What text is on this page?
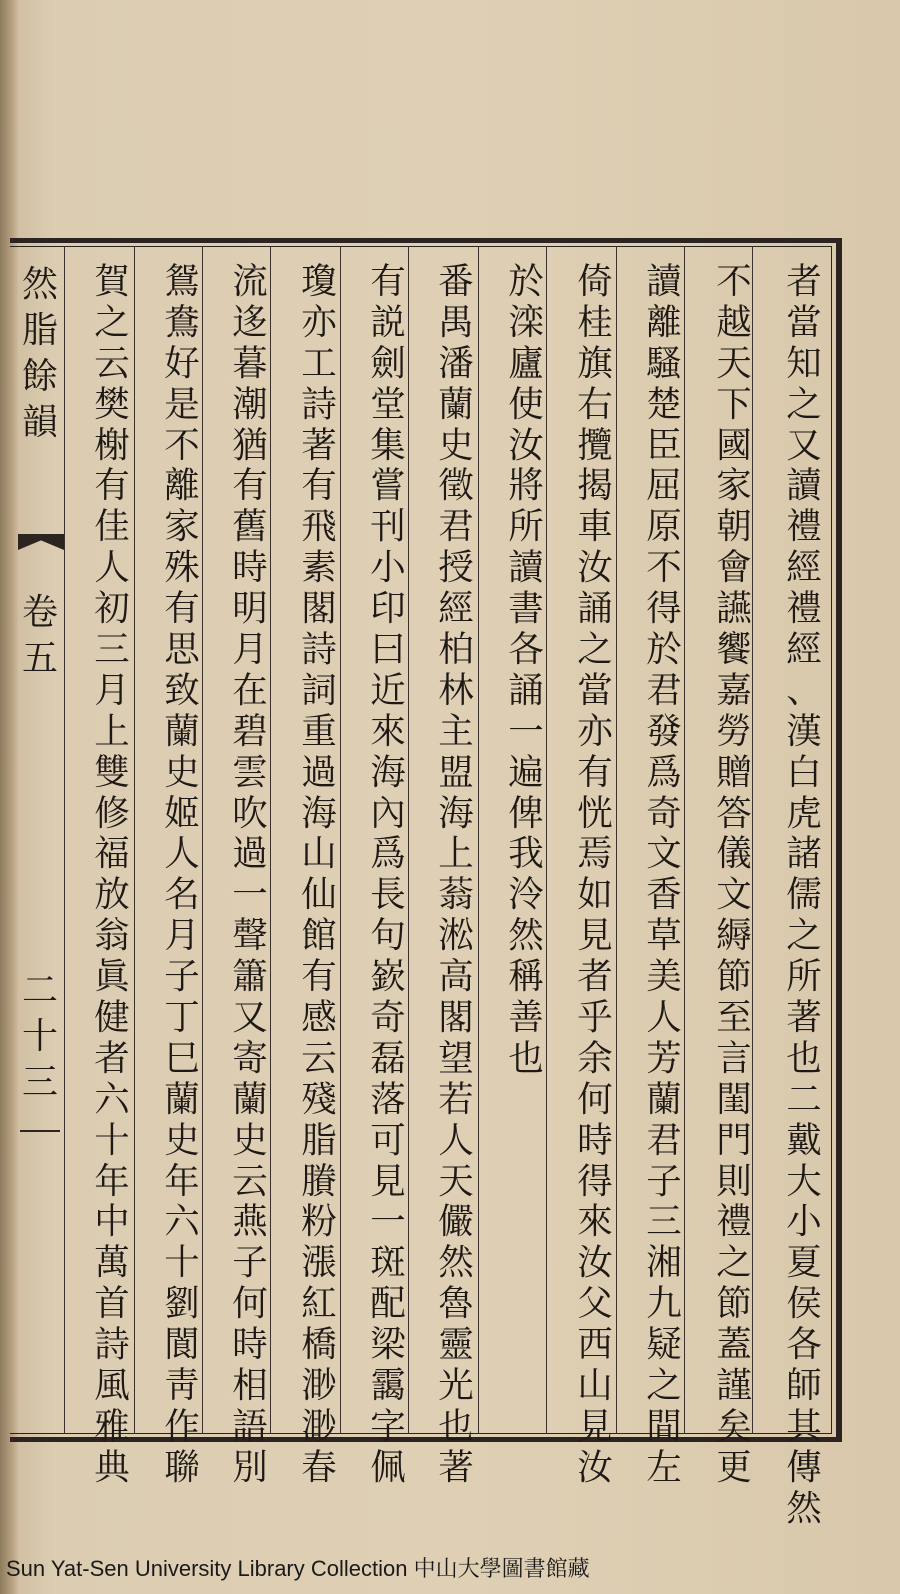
然
脂
餘
韻
卷
五
二
十
三
者
當
知
之
又
讀
禮
經
禮
經
、
漢
白
虎
諸
儒
之
所
著
也
二
戴
大
小
夏
侯
各
師
其
傳
然
不
越
天
下
國
家
朝
會
讌
饗
嘉
勞
贈
答
儀
文
縟
節
至
言
閨
門
則
禮
之
節
蓋
謹
矣
更
讀
離
騷
楚
臣
屈
原
不
得
於
君
發
爲
奇
文
香
草
美
人
芳
蘭
君
子
三
湘
九
疑
之
間
左
倚
桂
旗
右
攬
揭
車
汝
誦
之
當
亦
有
恍
焉
如
見
者
乎
余
何
時
得
來
汝
父
西
山
見
汝
於
滦
廬
使
汝
將
所
讀
書
各
誦
一
遍
俾
我
泠
然
稱
善
也
番
禺
潘
蘭
史
徵
君
授
經
柏
林
主
盟
海
上
蓊
淞
高
閣
望
若
人
天
儼
然
魯
靈
光
也
著
有
説
劍
堂
集
嘗
刊
小
印
曰
近
來
海
內
爲
長
句
嶔
奇
磊
落
可
見
一
斑
配
梁
靄
字
佩
瓊
亦
工
詩
著
有
飛
素
閣
詩
詞
重
過
海
山
仙
館
有
感
云
殘
脂
賸
粉
漲
紅
橋
渺
渺
春
流
迻
暮
潮
猶
有
舊
時
明
月
在
碧
雲
吹
過
一
聲
簫
又
寄
蘭
史
云
燕
子
何
時
相
語
別
鴛
鴦
好
是
不
離
家
殊
有
思
致
蘭
史
姬
人
名
月
子
丁
巳
蘭
史
年
六
十
劉
閬
靑
作
聯
賀
之
云
樊
榭
有
佳
人
初
三
月
上
雙
修
福
放
翁
眞
健
者
六
十
年
中
萬
首
詩
風
雅
典
Sun Yat-Sen University Library Collection 中山大學圖書館藏
